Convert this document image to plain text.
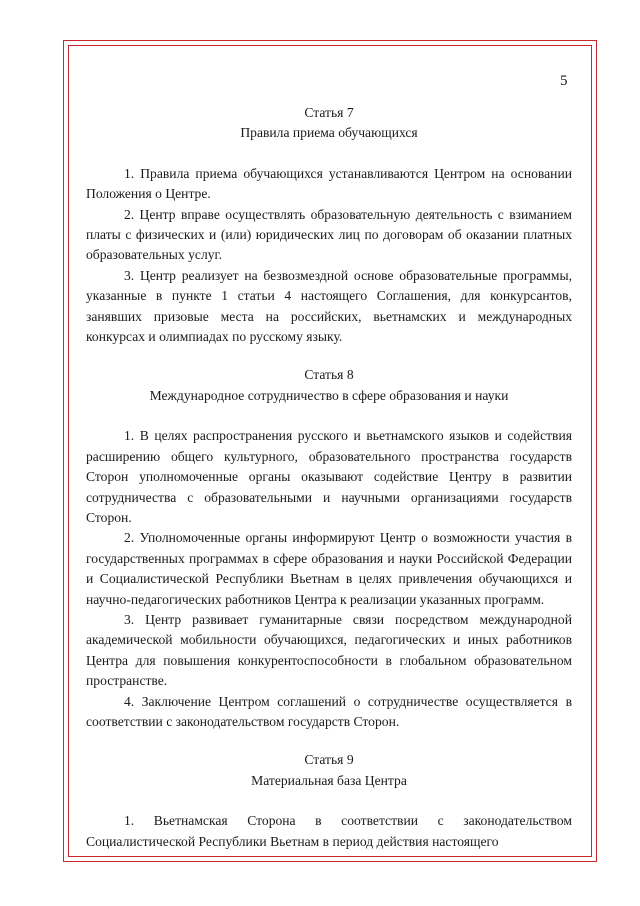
5

Статья 7

Правила приема обучающихся

1. Правила приема обучающихся устанавливаются Центром на основании Положения о Центре.

2. Центр вправе осуществлять образовательную деятельность с взиманием платы с физических и (или) юридических лиц по договорам об оказании платных образовательных услуг.

3. Центр реализует на безвозмездной основе образовательные программы, указанные в пункте 1 статьи 4 настоящего Соглашения, для конкурсантов, занявших призовые места на российских, вьетнамских и международных конкурсах и олимпиадах по русскому языку.

Статья 8

Международное сотрудничество в сфере образования и науки

1. В целях распространения русского и вьетнамского языков и содействия расширению общего культурного, образовательного пространства государств Сторон уполномоченные органы оказывают содействие Центру в развитии сотрудничества с образовательными и научными организациями государств Сторон.

2. Уполномоченные органы информируют Центр о возможности участия в государственных программах в сфере образования и науки Российской Федерации и Социалистической Республики Вьетнам в целях привлечения обучающихся и научно-педагогических работников Центра к реализации указанных программ.

3. Центр развивает гуманитарные связи посредством международной академической мобильности обучающихся, педагогических и иных работников Центра для повышения конкурентоспособности в глобальном образовательном пространстве.

4. Заключение Центром соглашений о сотрудничестве осуществляется в соответствии с законодательством государств Сторон.

Статья 9

Материальная база Центра

1. Вьетнамская Сторона в соответствии с законодательством Социалистической Республики Вьетнам в период действия настоящего
